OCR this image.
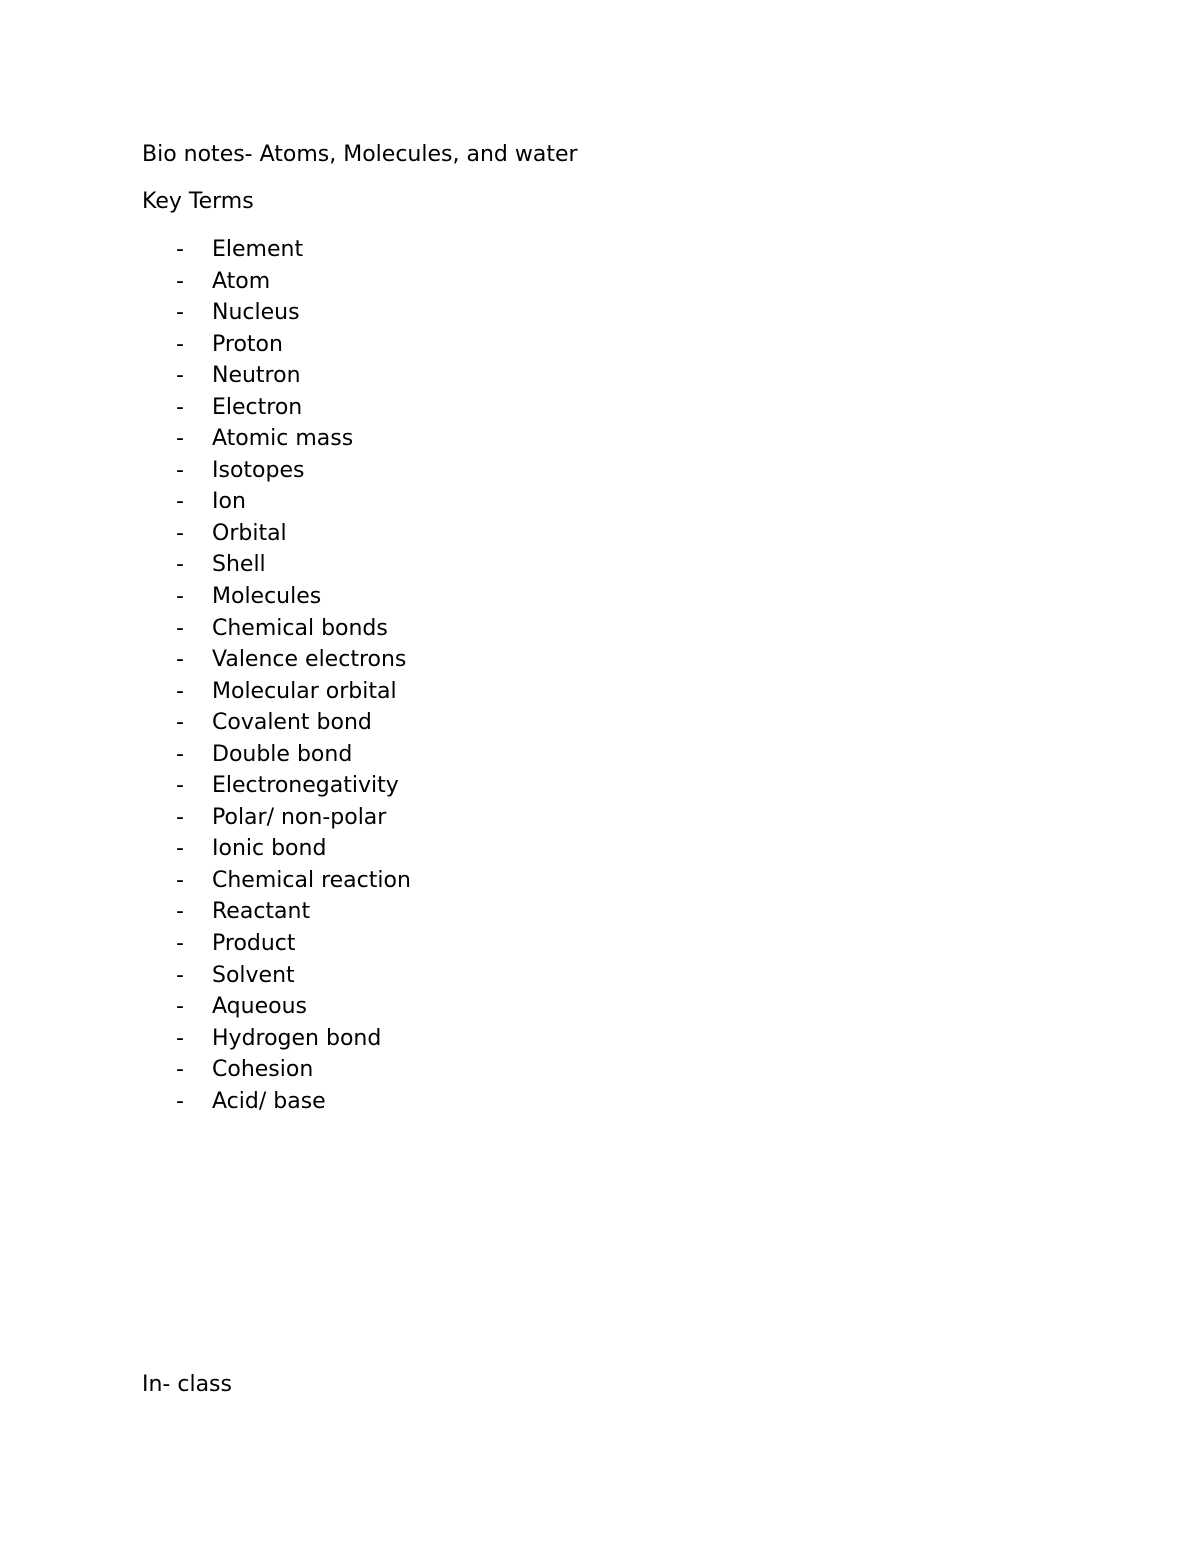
Bio notes- Atoms, Molecules, and water
Key Terms
- Element
- Atom
- Nucleus
- Proton
- Neutron
- Electron
- Atomic mass
- Isotopes
- Ion
- Orbital
- Shell
- Molecules
- Chemical bonds
- Valence electrons
- Molecular orbital
- Covalent bond
- Double bond
- Electronegativity
- Polar/ non-polar
- Ionic bond
- Chemical reaction
- Reactant
- Product
- Solvent
- Aqueous
- Hydrogen bond
- Cohesion
- Acid/ base
In- class
